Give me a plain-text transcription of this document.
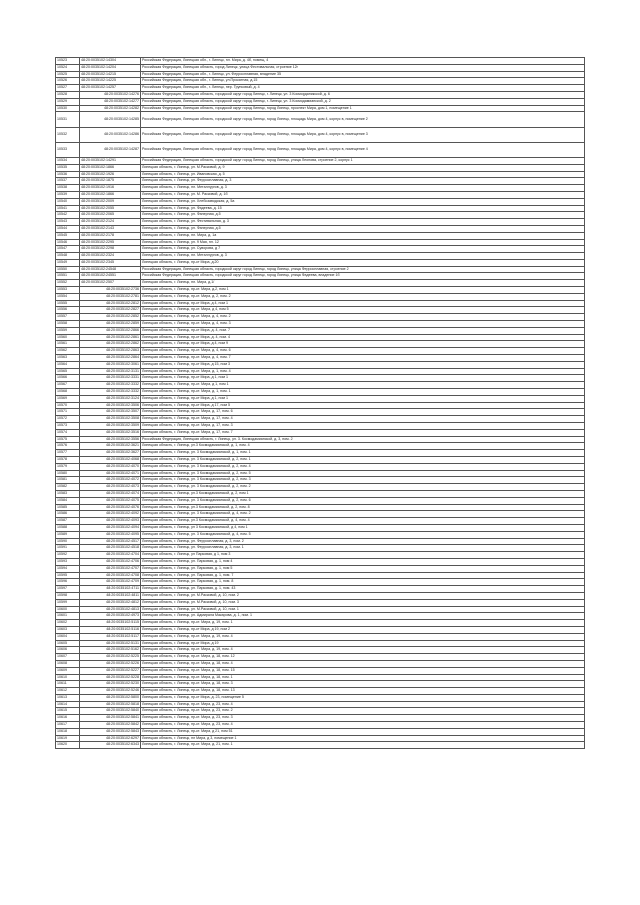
10523	48:20:0035102:14304	Российская Федерация, Липецкая обл., г. Липецк, пл. Мира, д. 4б, помещ. 4
10524	48:20:0035102:14204	Российская Федерация, Липецкая область, город Липецк, улица Фестивальная, строение 12г
10525	48:20:0035102:14215	Российская Федерация, Липецкая обл., г. Липецк, ул. Ферросплавная, владение 35
10526	48:20:0035102:14225	Российская Федерация, Липецкая обл., г. Липецк, ул.Прокатная, д.15
10527	48:20:0035102:14257	Российская Федерация, Липецкая обл., г. Липецк, пер. Трунковый, д. 4
10528	48:20:0035102:14276	Российская Федерация, Липецкая область, городской округ город Липецк, г. Липецк, ул. 3 Косморданикской, д. 6
10529	48:20:0035102:14277	Российская Федерация, Липецкая область, городской округ город Липецк, г. Липецк, ул. 3 Космодамианской, д. 2
10530	48:20:0035102:14282	Российская Федерация, Липецкая область, городской округ город Липецк, город Липецк, проспект Мира, дом 1, помещение 1
10531	48:20:0035102:14285	Российская Федерация, Липецкая область, городской округ город Липецк, город Липецк, площадь Мира, дом 4, корпус в, помещение 2
10532	48:20:0035102:14286	Российская Федерация, Липецкая область, городской округ город Липецк, город Липецк, площадь Мира, дом 4, корпус в, помещение 3
10533	48:20:0035102:14287	Российская Федерация, Липецкая область, городской округ город Липецк, город Липецк, площадь Мира, дом 4, корпус в, помещение 4
10534	48:20:0035102:14291	Российская Федерация, Липецкая область, городской округ город Липецк, город Липецк, улица Леоновa, строение 2, корпус 1
10535	48:20:0035102:1866	Липецкая область, г. Липецк, ул. М.Расковой, д. 9
10536	48:20:0035102:1926	Липецкая область, г. Липецк, ул. Ивановская, д. 5
10537	48:20:0035102:1875	Липецкая область, г. Липецк, ул. Ферросплавная, д. 3
10538	48:20:0035102:1916	Липецкая область, г. Липецк, пл. Металлургов, д. 3
10539	48:20:0035102:1866	Липецкая область, г. Липецк, ул. М. Расковой, д. 1б
10540	48:20:0035102:2009	Липецкая область, г. Липецк, ул. Хлебозаводская, д. 5а
10541	48:20:0035102:2055	Липецкая область, г. Липецк, ул. Фадеева, д. 15
10542	48:20:0035102:2065	Липецкая область, г. Липецк, ул. Фанерная, д.5
10543	48:20:0035102:2124	Липецкая область, г. Липецк, ул. Фестивальная, д. 3
10544	48:20:0035102:2143	Липецкая область, г. Липецк, ул. Фанерная, д.5
10545	48:20:0035102:2178	Липецкая область, г. Липецк, пл. Мира, д. 1а
10546	48:20:0035102:2295	Липецкая область, г. Липецк, ул. 9 Мая, пл. 12
10547	48:20:0035102:2298	Липецкая область, г. Липецк, ул. Суворова, д 7
10548	48:20:0035102:2324	Липецкая область, г. Липецк, пл. Металлургов, д. 3
10549	48:20:0035102:2345	Липецкая область, г. Липецк, пр-кт Мира, д.20
10550	48:20:0035102:24548	Российская Федерация, Липецкая область, городской округ город Липецк, город Липецк, улица Ферросплавная, строение 2
10551	48:20:0035102:24551	Российская Федерация, Липецкая область, городской округ город Липецк, город Липецк, улица Фадеева, владение 1б
10552	48:20:0035102:2507	Липецкая область, г. Липецк, пл. Мира, д.1/
10553	48:20:0035102:2736	Липецкая область, г. Липецк, пр-кт. Мира, д.2, пом 1
10554	48:20:0035102:2781	Липецкая область, г. Липецк, пр-кт. Мира, д. 2, пом. 2
10555	48:20:0035102:2812	Липецкая область, г. Липецк, пр-кт Мира, д 4, пом 1
10556	48:20:0035102:2827	Липецкая область, г. Липецк, пр-кт. Мира, д 4, пом 5
10557	48:20:0035102:2852	Липецкая область, г. Липецк, пр-кт. Мира, д. 4, пом. 2
10558	48:20:0035102:2859	Липецкая область, г. Липецк, пр-кт. Мира, д. 4, пом. 3
10559	48:20:0035102:2866	Липецкая область, г. Липецк, пр-кт Мира, д. 4, пом. 7
10560	48:20:0035102:2861	Липецкая область, г. Липецк, пр-кт Мира, д. 4, пом. 4
10561	48:20:0035102:2862	Липецкая область, г. Липецк, пр-кт Мира, д 4, пом 9
10562	48:20:0035102:2863	Липецкая область, г. Липецк, пр-кт. Мира, д. 4, пом. 6
10563	48:20:0035102:2864	Липецкая область, г. Липецк, пр-кт. Мира, д. 4, пом. 7
10564	48:20:0035102:3061	Липецкая область, г. Липецк, пр-кт Мира, д 15, пом 3
10565	48:20:0035102:3131	Липецкая область, г. Липецк, пр-кт. Мира, д. 1, пом. 4
10566	48:20:0035102:3331	Липецкая область, г. Липецк, пр-кт Мира, д 1, пом 1
10567	48:20:0035102:3332	Липецкая область, г. Липецк, пр-кт. Мира, д 1, пом 1
10568	48:20:0035102:3332	Липецкая область, г. Липецк, пр-кт. Мира, д. 1, пом. 1
10569	48:20:0035102:3124	Липецкая область, г. Липецк, пр-кт Мира, д 1, пом 1
10570	48:20:0035102:3506	Липецкая область, г. Липецк, пр-кт Мира, д 17, пом 5
10571	48:20:0035102:3507	Липецкая область, г. Липецк, пр-кт. Мира, д. 17, пом. 6
10572	48:20:0035102:3508	Липецкая область, г. Липецк, пр-кт. Мира, д. 17, пом. 4
10573	48:20:0035102:3509	Липецкая область, г. Липецк, пр-кт. Мира, д. 17, пом. 3
10574	48:20:0035102:3516	Липецкая область, г. Липецк, пр-кт. Мира, д. 17, пом. 7
10575	48:20:0035102:3556	Российская Федерация, Липецкая область, г. Липецк, ул. 3. Космодамианской, д. 3, пом. 2
10576	48:20:0035102:3621	Липецкая область, г. Липецк, ул.3 Космодамианской, д. 1, пом. 4
10577	48:20:0035102:3627	Липецкая область, г. Липецк, ул. 3 Космодамианской, д. 1, пом. 1
10578	48:20:0035102:4068	Липецкая область, г. Липецк, ул. 3 Космодамианской, д. 2, пом. 1
10579	48:20:0035102:4070	Липецкая область, г. Липецк, ул. 3 Космодамианской, д. 2, пом. 4
10580	48:20:0035102:4071	Липецкая область, г. Липецк, ул. 3 Космодамианской, д. 2, пом. 5
10581	48:20:0035102:4072	Липецкая область, г. Липецк, ул. 3 Космодамианской, д. 2, пом. 3
10582	48:20:0035102:4073	Липецкая область, г. Липецк, ул. 3 Космодамианской, д. 2, пом. 2
10583	48:20:0035102:4074	Липецкая область, г. Липецк, ул.3 Космодамианской, д. 2, пом 1
10584	48:20:0035102:4075	Липецкая область, г. Липецк, ул. 3 Космодамианской, д. 2, пом. 6
10585	48:20:0035102:4076	Липецкая область, г. Липецк, ул.3 Космодамианской, д. 2, пом. 8
10586	48:20:0035102:4092	Липецкая область, г. Липецк, ул. 3 Космодамианской, д. 4, пом. 2
10587	48:20:0035102:4093	Липецкая область, г. Липецк, ул.3 Космодамианской, д. 4, пом. 4
10588	48:20:0035102:4094	Липецкая область, г. Липецк, ул 3 Космодамианской, д 4, пом 1
10589	48:20:0035102:4095	Липецкая область, г. Липецк, ул. 3 Космодамианской, д. 4, пом. 5
10590	48:20:0035102:4517	Липецкая область, г. Липецк, ул. Ферросплавная, д. 3, пом. 2
10591	48:20:0035102:4518	Липецкая область, г. Липецк, ул. Ферросплавная, д. 3, пом. 1
10592	48:20:0035102:4704	Липецкая область, г. Липецк, ул Парковая, д 1, пом 3
10593	48:20:0035102:4706	Липецкая область, г. Липецк, ул. Парковая, д. 1, пом 4
10594	48:20:0035102:4707	Липецкая область, г. Липецк, ул. Парковая, д. 1, пом 5
10595	48:20:0035102:4708	Липецкая область, г. Липецк, ул. Парковая, д. 1, пом. 7
10596	48:20:0035102:4709	Липецкая область, г. Липецк, ул. Парковая, д. 1, пом. 8
10597	48:20:0035102:4711	Липецкая область, г. Липецк, ул. Парковая, д. 1, пом. 43
10598	48:20:0035102:4811	Липецкая область, г. Липецк, ул. М.Расковой, д. 10, пом. 2
10599	48:20:0035102:4812	Липецкая область, г. Липецк, ул. М.Расковой, д. 10, пом. 3
10600	48:20:0035102:4813	Липецкая область, г. Липецк, ул. М.Расковой, д. 10, пом. 1
10601	48:20:0035102:4973	Липецкая область, г. Липецк, ул. Адмирала Макарова, д. 1, пом. 1
10602	48:20:0035102:5115	Липецкая область, г. Липецк, пр-кт. Мира, д. 19, пом. 1
10603	48:20:0035102:5116	Липецкая область, г. Липецк, пр-кт Мира, д 19, пом 2
10604	48:20:0035102:5117	Липецкая область, г. Липецк, пр-кт. Мира, д. 19, пом. 4
10605	48:20:0035102:5131	Липецкая область, г. Липецк, пр-кт Мира, д 19
10606	48:20:0035102:5162	Липецкая область, г. Липецк, пр-кт. Мира, д. 19, пом. 4
10607	48:20:0035102:5225	Липецкая область, г. Липецк, пр-кт. Мира, д. 18, пом. 12
10608	48:20:0035102:5226	Липецкая область, г. Липецк, пр-кт. Мира, д. 18, пом. 4
10609	48:20:0035102:5227	Липецкая область, г. Липецк, пр-кт. Мира, д. 18, пом. 15
10610	48:20:0035102:5228	Липецкая область, г. Липецк, пр-кт. Мира, д. 18, пом. 1
10611	48:20:0035102:5230	Липецкая область, г. Липецк, пр-кт. Мира, д. 18, пом. 3
10612	48:20:0035102:5246	Липецкая область, г. Липецк, пр-кт. Мира, д. 18, пом. 13
10613	48:20:0035102:5800	Липецкая область, г. Липецк, пр-кт Мира, д. 23, помещение 5
10614	48:20:0035102:5818	Липецкая область, г. Липецк, пр-кт. Мира, д. 23, пом. 4
10615	48:20:0035102:5840	Липецкая область, г. Липецк, пр-кт. Мира, д. 23, пом. 2
10616	48:20:0035102:5841	Липецкая область, г. Липецк, пр-кт. Мира, д. 23, пом. 3
10617	48:20:0035102:5842	Липецкая область, г. Липецк, пр-кт. Мира, д. 23, пом. 4
10618	48:20:0035102:5843	Липецкая область, г. Липецк, пр-кт. Мира, д 21, пом 51
10619	48:20:0035102:6297	Липецкая область, г. Липецк, пл Мира, д 3, помещение 1
10620	48:20:0035102:6343	Липецкая область, г. Липецк, пр-кт. Мира, д. 21, пом. 1
